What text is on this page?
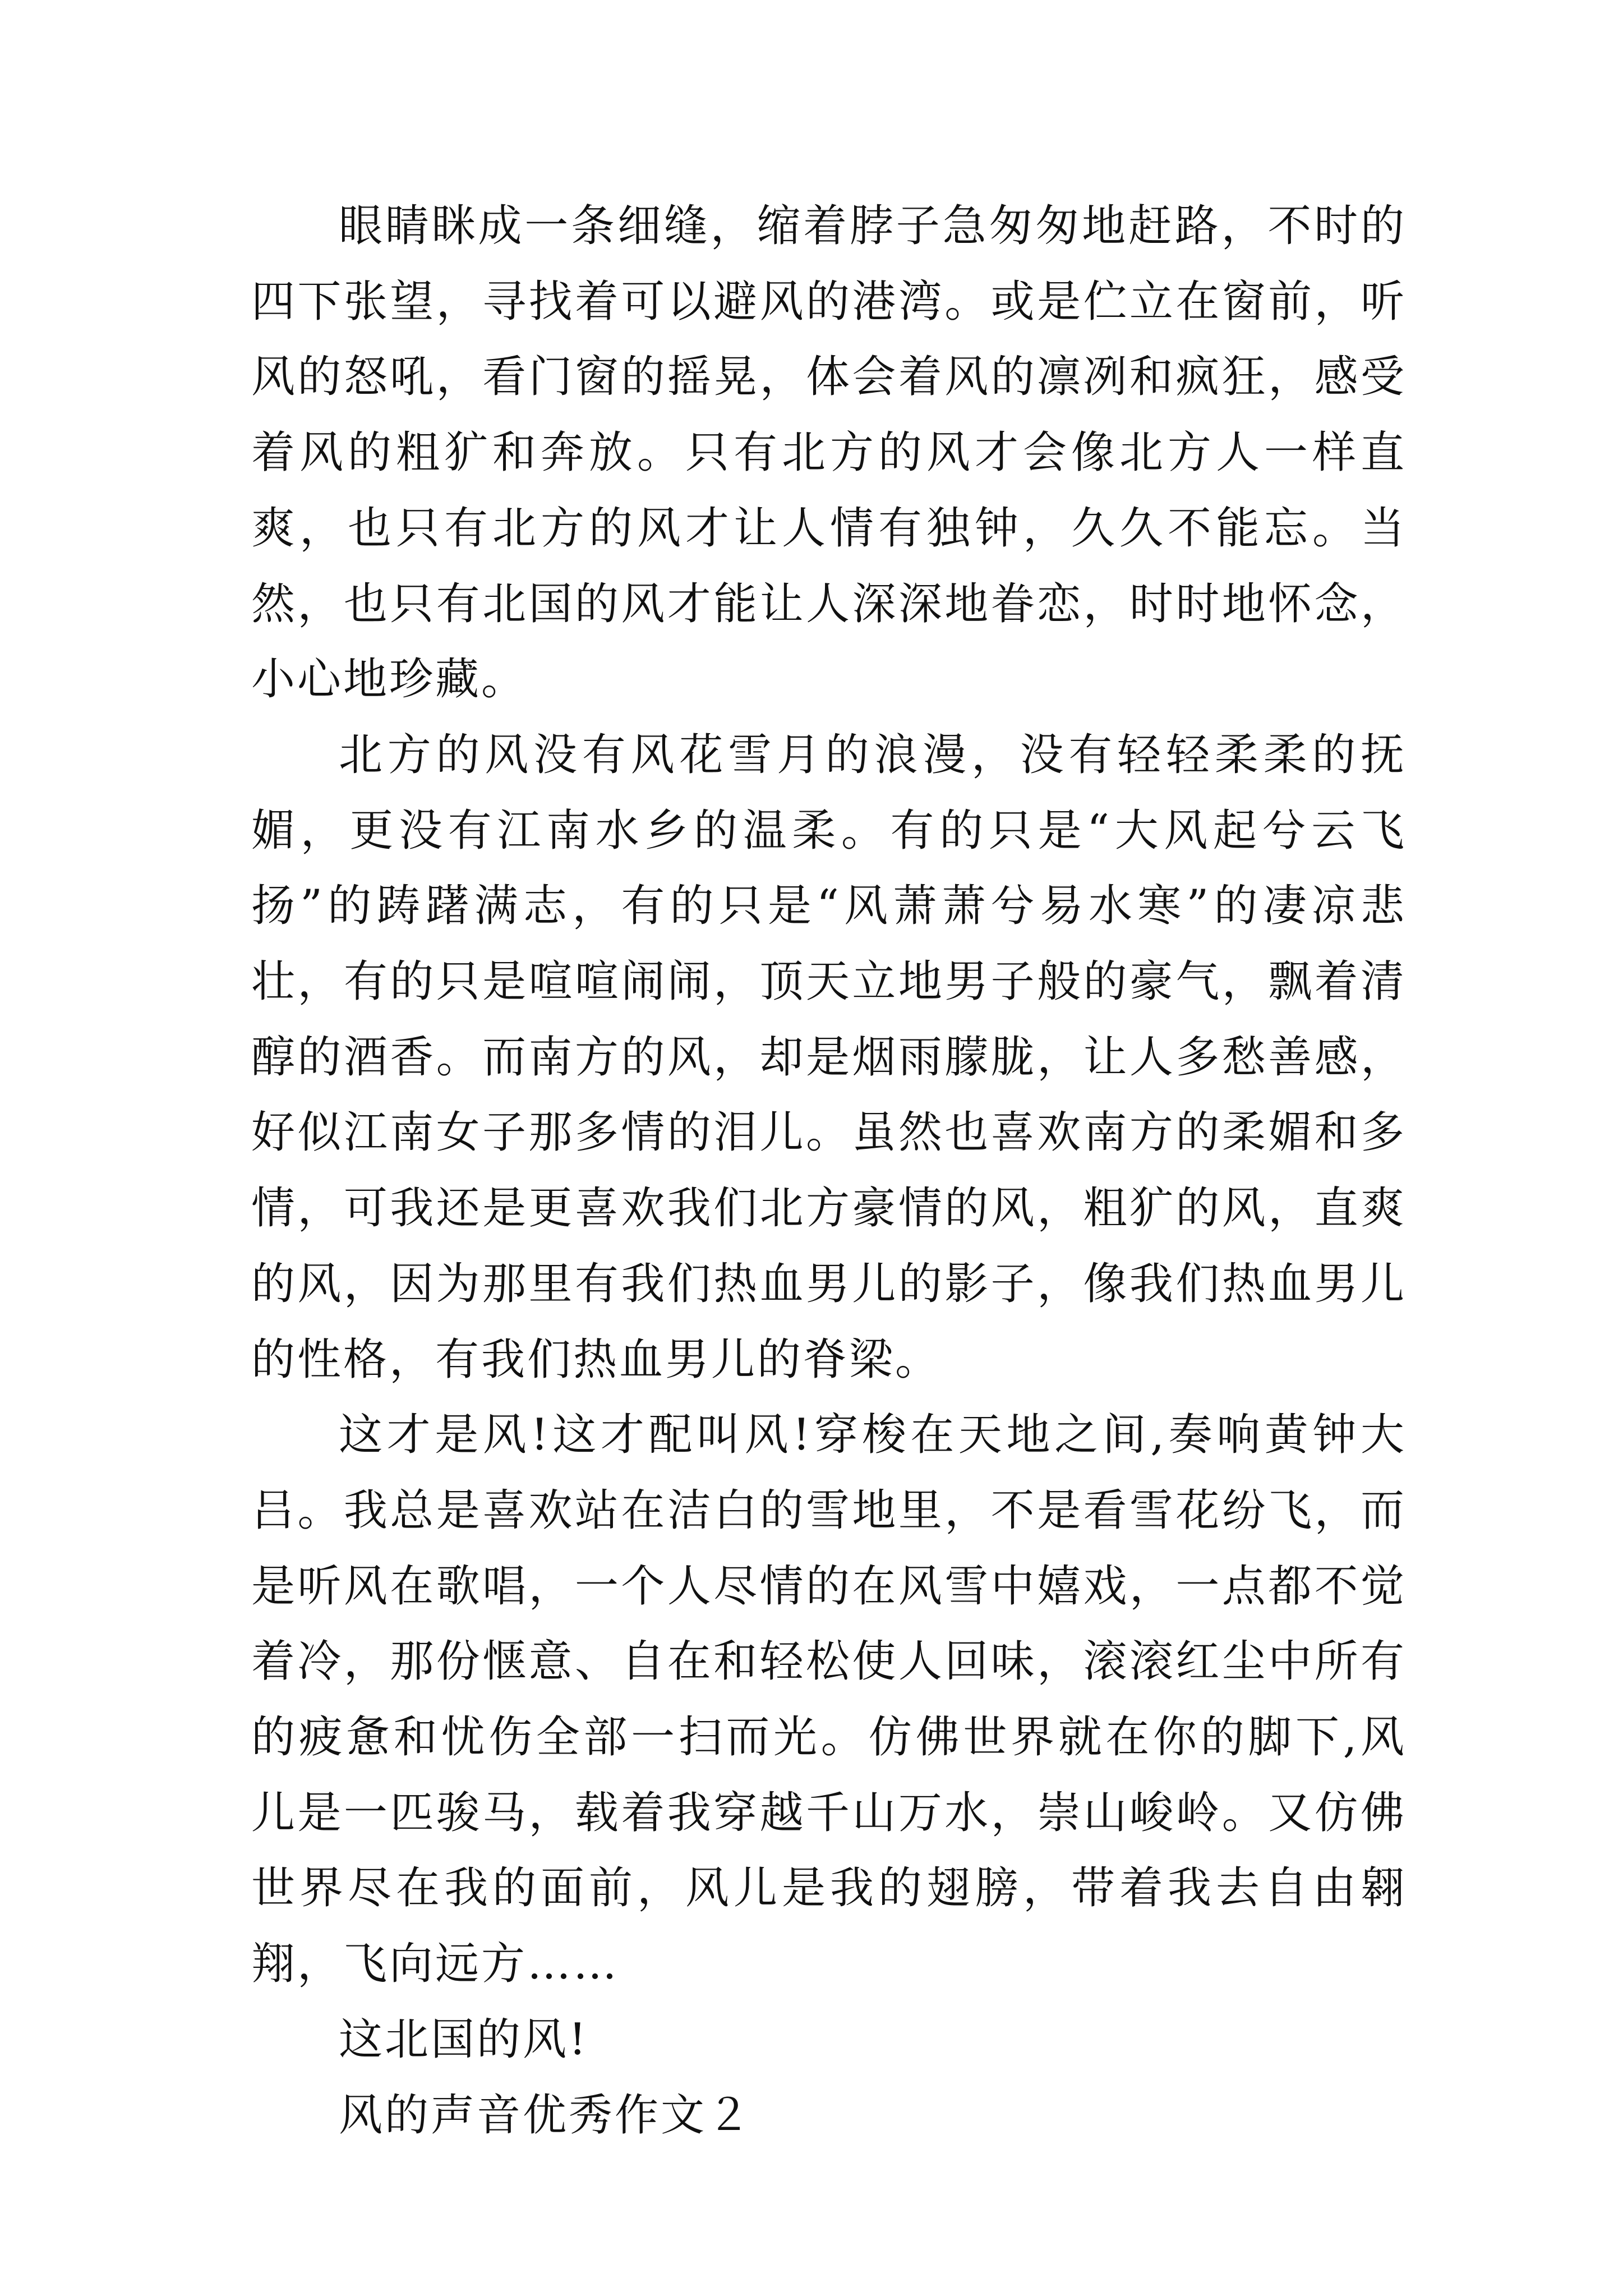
眼睛眯成一条细缝，缩着脖子急匆匆地赶路，不时的四下张望，寻找着可以避风的港湾。或是伫立在窗前，听风的怒吼，看门窗的摇晃，体会着风的凛冽和疯狂，感受着风的粗犷和奔放。只有北方的风才会像北方人一样直爽，也只有北方的风才让人情有独钟，久久不能忘。当然，也只有北国的风才能让人深深地眷恋，时时地怀念，小心地珍藏。

北方的风没有风花雪月的浪漫，没有轻轻柔柔的抚媚，更没有江南水乡的温柔。有的只是“大风起兮云飞扬”的踌躇满志，有的只是“风萧萧兮易水寒”的凄凉悲壮，有的只是喧喧闹闹，顶天立地男子般的豪气，飘着清醇的酒香。而南方的风，却是烟雨朦胧，让人多愁善感，好似江南女子那多情的泪儿。虽然也喜欢南方的柔媚和多情，可我还是更喜欢我们北方豪情的风，粗犷的风，直爽的风，因为那里有我们热血男儿的影子，像我们热血男儿的性格，有我们热血男儿的脊梁。

这才是风!这才配叫风!穿梭在天地之间,奏响黄钟大吕。我总是喜欢站在洁白的雪地里，不是看雪花纷飞，而是听风在歌唱，一个人尽情的在风雪中嬉戏，一点都不觉着冷，那份惬意、自在和轻松使人回味，滚滚红尘中所有的疲惫和忧伤全部一扫而光。仿佛世界就在你的脚下,风儿是一匹骏马，载着我穿越千山万水，崇山峻岭。又仿佛世界尽在我的面前，风儿是我的翅膀，带着我去自由翱翔，飞向远方……

这北国的风!

风的声音优秀作文２
